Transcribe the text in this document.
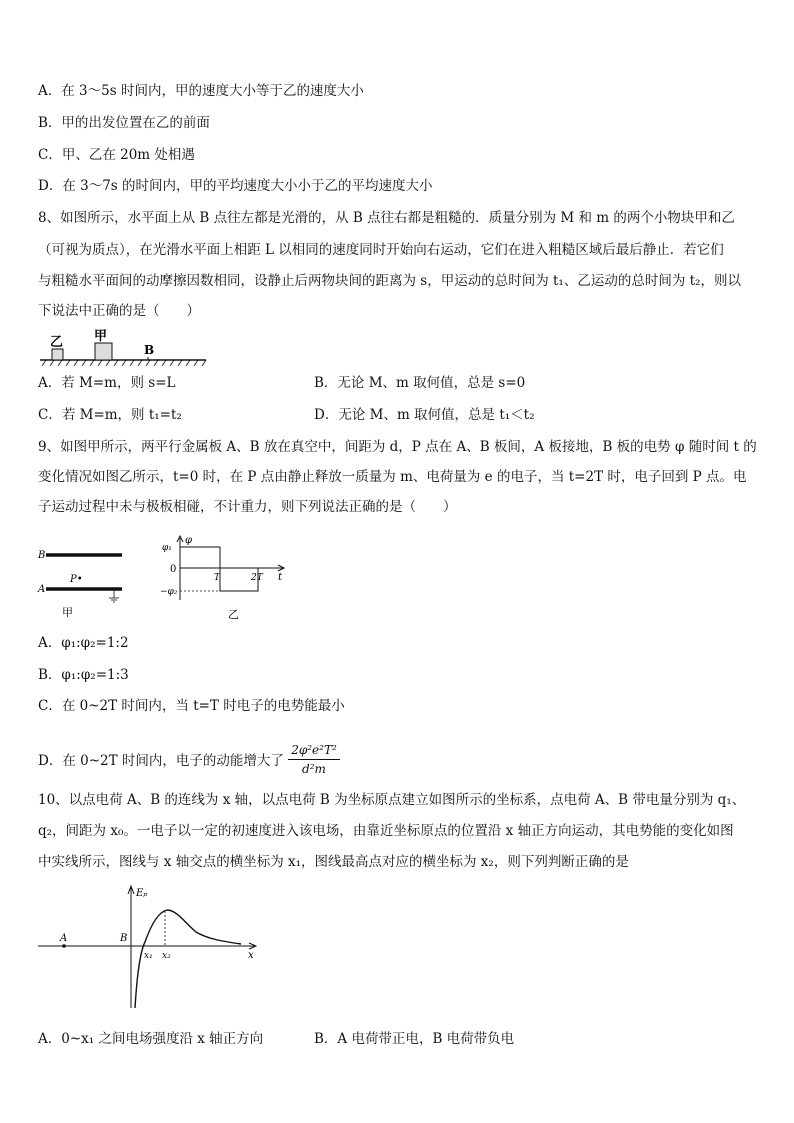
A．在 3～5s 时间内，甲的速度大小等于乙的速度大小
B．甲的出发位置在乙的前面
C．甲、乙在 20m 处相遇
D．在 3～7s 的时间内，甲的平均速度大小小于乙的平均速度大小
8、如图所示，水平面上从 B 点往左都是光滑的，从 B 点往右都是粗糙的．质量分别为 M 和 m 的两个小物块甲和乙
（可视为质点），在光滑水平面上相距 L 以相同的速度同时开始向右运动，它们在进入粗糙区域后最后静止．若它们
与粗糙水平面间的动摩擦因数相同，设静止后两物块间的距离为 s，甲运动的总时间为 t₁、乙运动的总时间为 t₂，则以
下说法中正确的是（　　）
乙 甲
B
A．若 M=m，则 s=L	B．无论 M、m 取何值，总是 s=0
C．若 M=m，则 t₁=t₂	D．无论 M、m 取何值，总是 t₁＜t₂
9、如图甲所示，两平行金属板 A、B 放在真空中，间距为 d，P 点在 A、B 板间，A 板接地，B 板的电势 φ 随时间 t 的
变化情况如图乙所示，t=0 时，在 P 点由静止释放一质量为 m、电荷量为 e 的电子，当 t=2T 时，电子回到 P 点。电
子运动过程中未与极板相碰，不计重力，则下列说法正确的是（　　）
B
P•
A
甲
φ
φ₁
0
T	2T t
−φ₂
乙
A．φ₁:φ₂=1:2
B．φ₁:φ₂=1:3
C．在 0~2T 时间内，当 t=T 时电子的电势能最小
D．在 0~2T 时间内，电子的动能增大了 $\frac{\text{2φ²e²T²}}{\text{d²m}}$
10、以点电荷 A、B 的连线为 x 轴，以点电荷 B 为坐标原点建立如图所示的坐标系，点电荷 A、B 带电量分别为 q₁、
q₂，间距为 x₀。一电子以一定的初速度进入该电场，由靠近坐标原点的位置沿 x 轴正方向运动，其电势能的变化如图
中实线所示，图线与 x 轴交点的横坐标为 x₁，图线最高点对应的横坐标为 x₂，则下列判断正确的是
Eₚ
A	B
x₁ x₂	x
A．0~x₁ 之间电场强度沿 x 轴正方向	B．A 电荷带正电，B 电荷带负电
